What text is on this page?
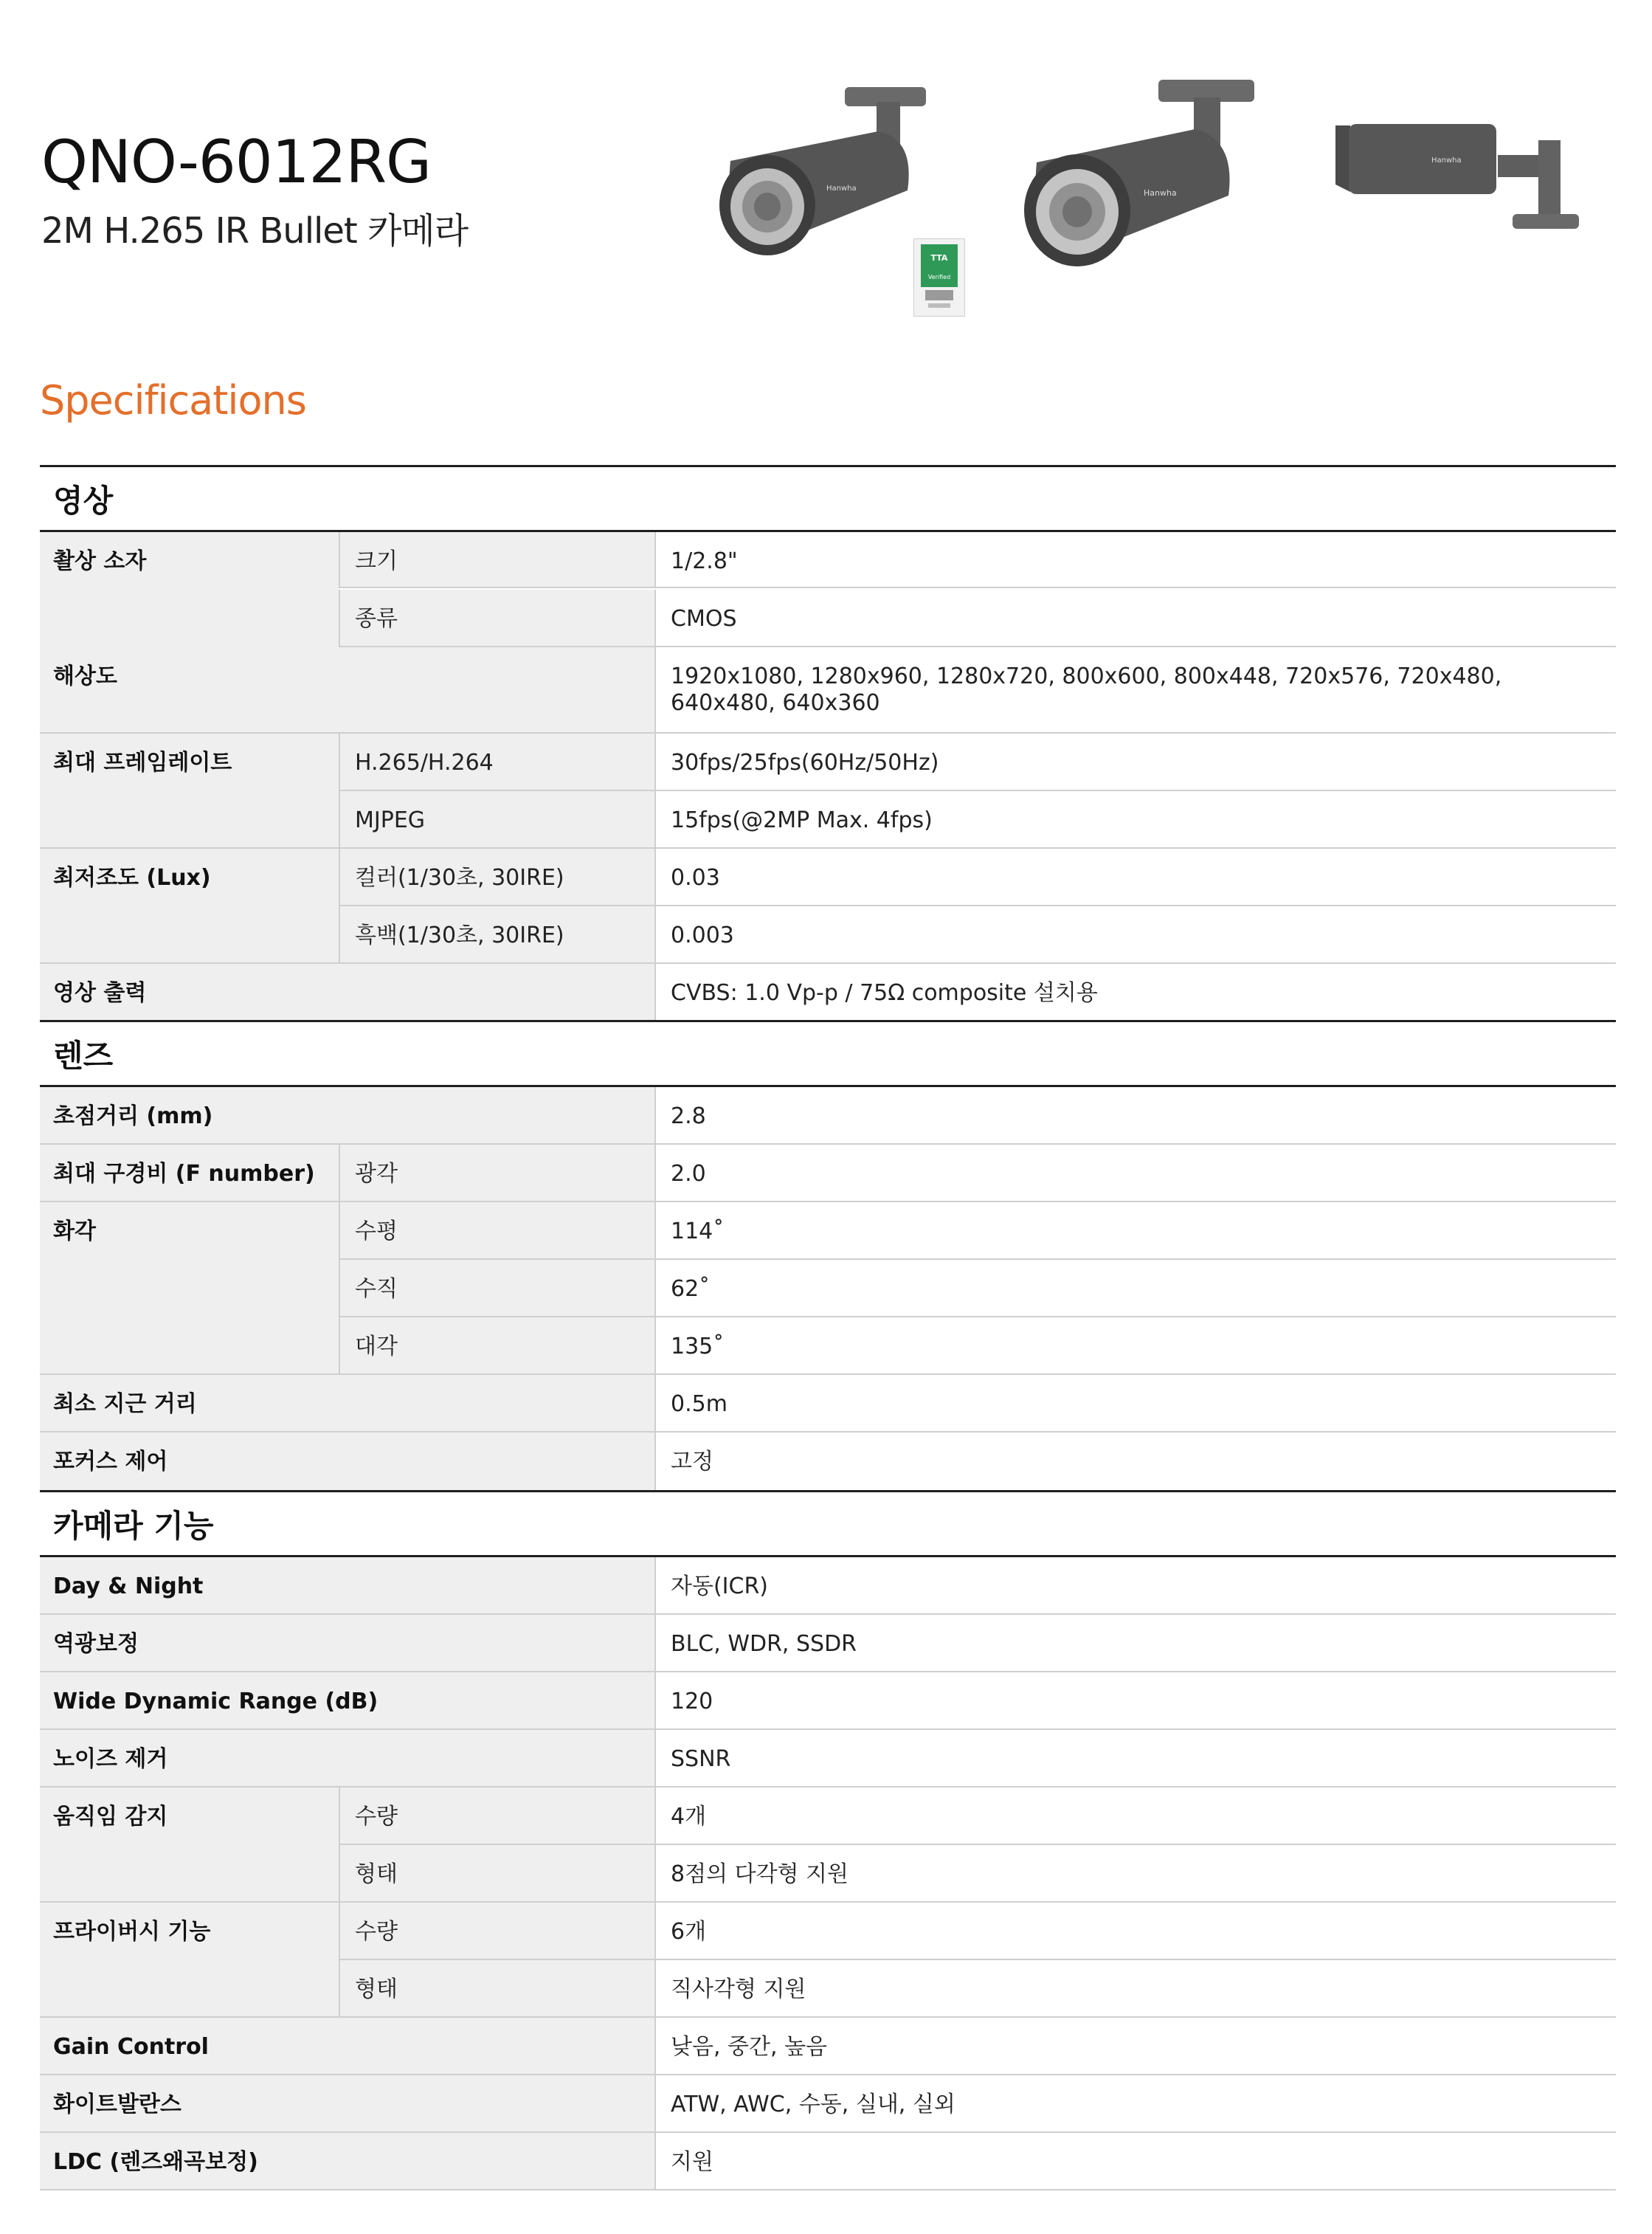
QNO-6012RG
2M H.265 IR Bullet 카메라
Hanwha	Hanwha
Hanwha
TTA
Verified
Specifications
영상
촬상 소자	크기	1/2.8"
종류	CMOS
해상도	1920x1080, 1280x960, 1280x720, 800x600, 800x448, 720x576, 720x480, 640x480, 640x360
최대 프레임레이트	H.265/H.264	30fps/25fps(60Hz/50Hz)
MJPEG	15fps(@2MP Max. 4fps)
최저조도 (Lux)	컬러(1/30초, 30IRE)	0.03
흑백(1/30초, 30IRE)	0.003
영상 출력	CVBS: 1.0 Vp-p / 75Ω composite 설치용
렌즈
초점거리 (mm)	2.8
최대 구경비 (F number)	광각	2.0
화각	수평	114˚
수직	62˚
대각	135˚
최소 지근 거리	0.5m
포커스 제어	고정
카메라 기능
Day & Night	자동(ICR)
역광보정	BLC, WDR, SSDR
Wide Dynamic Range (dB)	120
노이즈 제거	SSNR
움직임 감지	수량	4개
형태	8점의 다각형 지원
프라이버시 기능	수량	6개
형태	직사각형 지원
Gain Control	낮음, 중간, 높음
화이트발란스	ATW, AWC, 수동, 실내, 실외
LDC (렌즈왜곡보정)	지원
